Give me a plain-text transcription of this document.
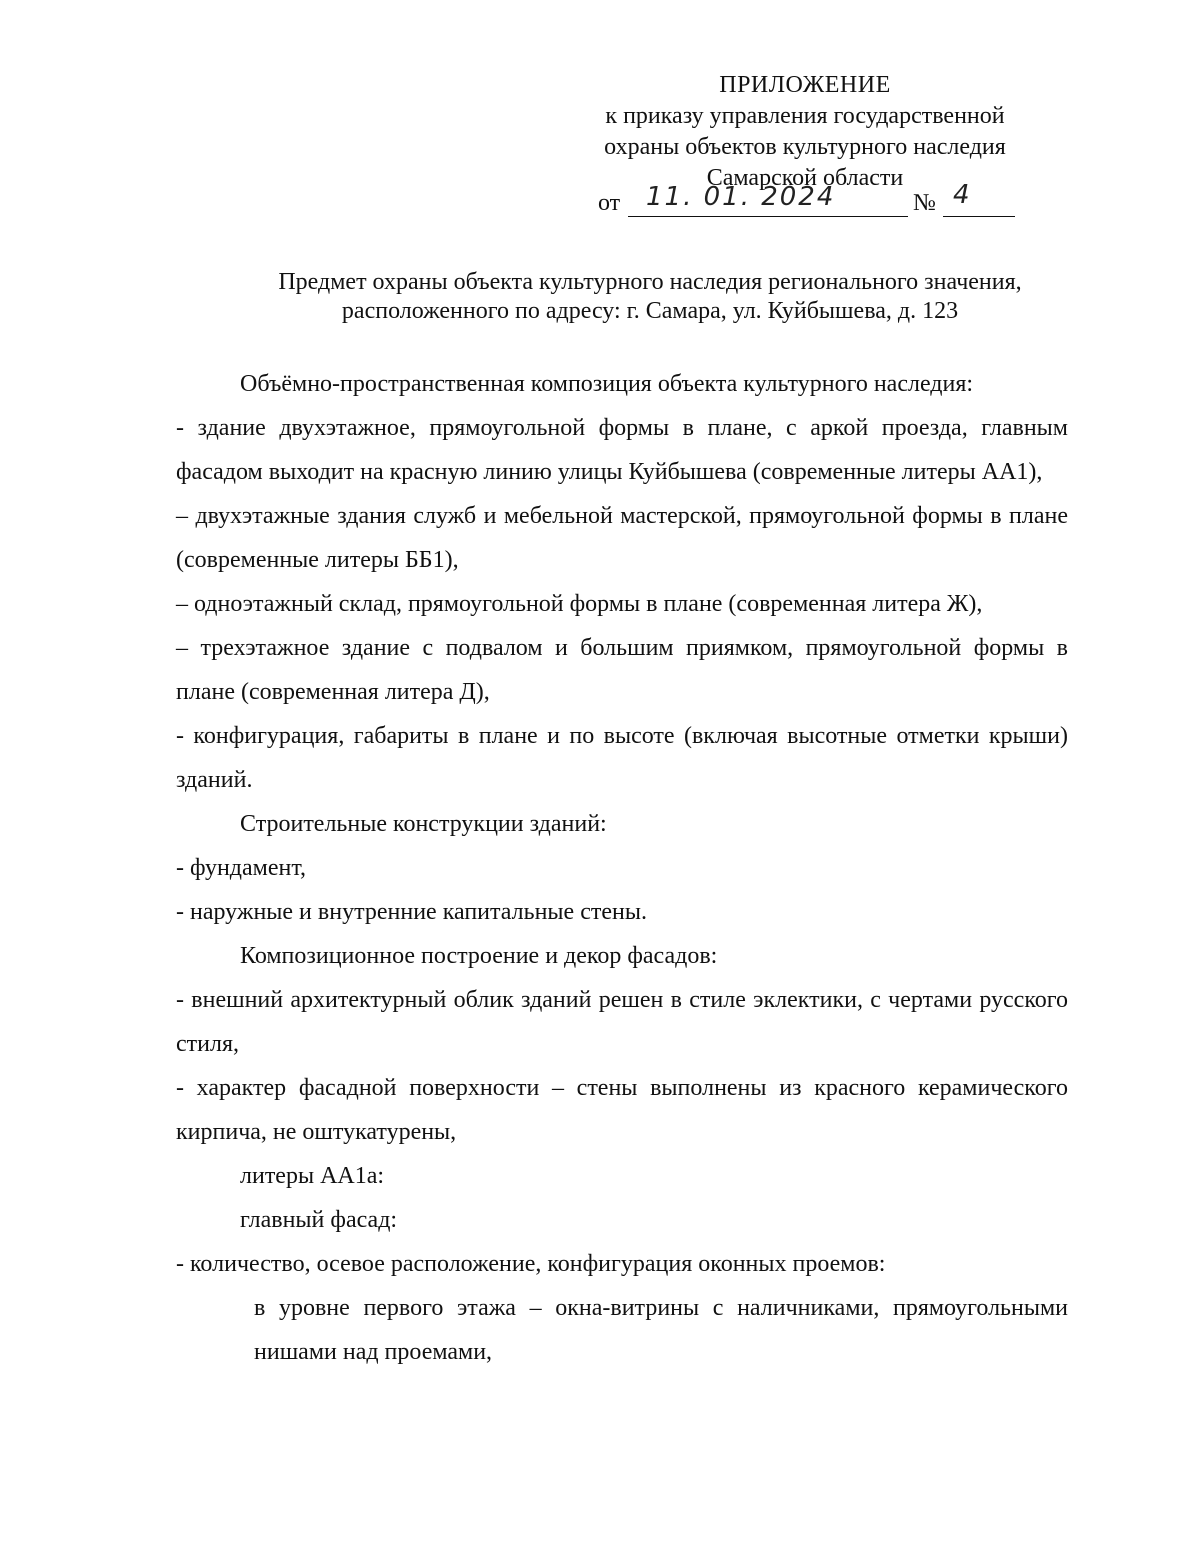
ПРИЛОЖЕНИЕ
к приказу управления государственной
охраны объектов культурного наследия
Самарской области
от 11. 01. 2024	№ 4
Предмет охраны объекта культурного наследия регионального значения,
расположенного по адресу: г. Самара, ул. Куйбышева, д. 123

Объёмно-пространственная композиция объекта культурного наследия:

- здание двухэтажное, прямоугольной формы в плане, с аркой проезда, главным фасадом выходит на красную линию улицы Куйбышева (современные литеры АА1),

– двухэтажные здания служб и мебельной мастерской, прямоугольной формы в плане (современные литеры ББ1),

– одноэтажный склад, прямоугольной формы в плане (современная литера Ж),

– трехэтажное здание с подвалом и большим приямком, прямоугольной формы в плане (современная литера Д),

- конфигурация, габариты в плане и по высоте (включая высотные отметки крыши) зданий.

Строительные конструкции зданий:

- фундамент,

- наружные и внутренние капитальные стены.

Композиционное построение и декор фасадов:

- внешний архитектурный облик зданий решен в стиле эклектики, с чертами русского стиля,

- характер фасадной поверхности – стены выполнены из красного керамического кирпича, не оштукатурены,

литеры АА1а:

главный фасад:

- количество, осевое расположение, конфигурация оконных проемов:

в уровне первого этажа – окна-витрины с наличниками, прямоугольными нишами над проемами,
